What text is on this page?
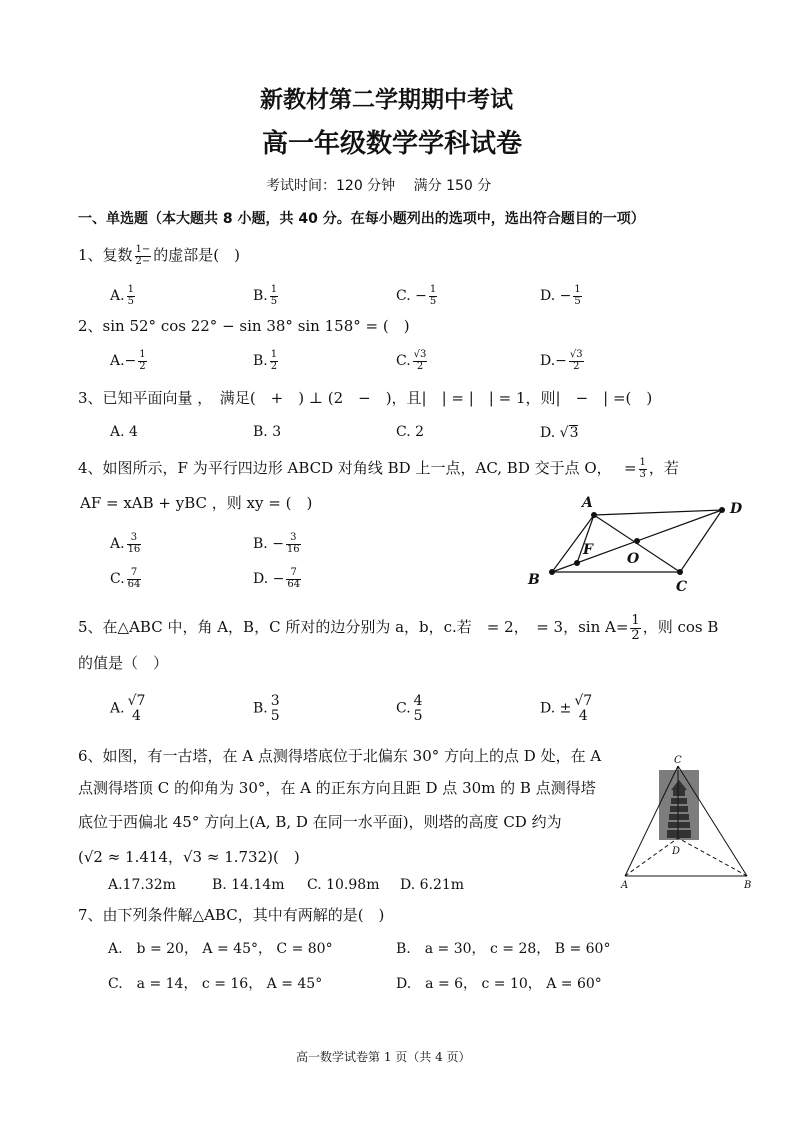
新教材第二学期期中考试
高一年级数学学科试卷
考试时间：120 分钟　 满分 150 分
一、单选题（本大题共 8 小题，共 40 分。在每小题列出的选项中，选出符合题目的一项）
1、复数 $\frac{1-}{2-}$ 的虚部是(　)
A. $\frac{1}{5}$	B. $\frac{1}{5}$	C. − $\frac{1}{5}$	D. − $\frac{1}{5}$
2、sin 52° cos 22° − sin 38° sin 158° = (　)
$A.- \frac{1}{2}$	B. $\frac{1}{2}$	C. $\frac{√3}{2}$	$D.- \frac{√3}{2}$
3、已知平面向量 ，　满足(　+　) ⊥ (2　−　)，且|　| = |　| = 1，则|　−　| =(　)
A. 4	B. 3	C. 2	D. √3
4、如图所示，F 为平行四边形 ABCD 对角线 BD 上一点，AC, BD 交于点 O，　 = $\frac{1}{3}$ ，若
AF = xAB + yBC ，则 xy = (　)
A. $\frac{3}{16}$	B. − $\frac{3}{16}$
C. $\frac{7}{64}$	D. − $\frac{7}{64}$
A	D
C
B
O
F
5、在△ABC 中，角 A，B，C 所对的边分别为 a，b，c.若　= 2，　= 3，$\sin A= \frac{1}{2}$ ，则 cos B
的值是（　）
A. √7
4	B. 3
5	C. 4
5	D. ± √7
4
6、如图，有一古塔，在 A 点测得塔底位于北偏东 30° 方向上的点 D 处，在 A
点测得塔顶 C 的仰角为 30°，在 A 的正东方向且距 D 点 30m 的 B 点测得塔
底位于西偏北 45° 方向上(A, B, D 在同一水平面)，则塔的高度 CD 约为
(√2 ≈ 1.414，√3 ≈ 1.732)(　)
A.17.32m	B. 14.14m C. 10.98m D. 6.21m
C
D
A	B
7、由下列条件解△ABC，其中有两解的是(　)
A.　b = 20， A = 45°， C = 80°	B.　a = 30， c = 28， B = 60°
C.　a = 14， c = 16， A = 45°	D.　a = 6， c = 10， A = 60°
高一数学试卷第 1 页（共 4 页）
